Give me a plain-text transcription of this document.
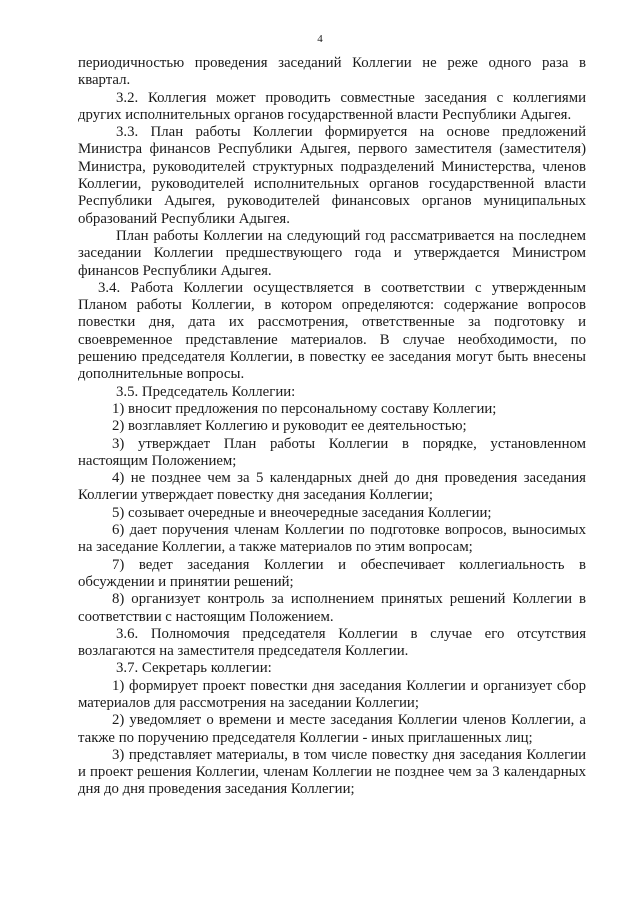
4

периодичностью проведения заседаний Коллегии не реже одного раза в квартал.

3.2. Коллегия может проводить совместные заседания с коллегиями других исполнительных органов государственной власти Республики Адыгея.

3.3. План работы Коллегии формируется на основе предложений Министра финансов Республики Адыгея, первого заместителя (заместителя) Министра, руководителей структурных подразделений Министерства, членов Коллегии, руководителей исполнительных органов государственной власти Республики Адыгея, руководителей финансовых органов муниципальных образований Республики Адыгея.

План работы Коллегии на следующий год рассматривается на последнем заседании Коллегии предшествующего года и утверждается Министром финансов Республики Адыгея.

3.4. Работа Коллегии осуществляется в соответствии с утвержденным Планом работы Коллегии, в котором определяются: содержание вопросов повестки дня, дата их рассмотрения, ответственные за подготовку и своевременное представление материалов. В случае необходимости, по решению председателя Коллегии, в повестку ее заседания могут быть внесены дополнительные вопросы.

3.5. Председатель Коллегии:

1) вносит предложения по персональному составу Коллегии;

2) возглавляет Коллегию и руководит ее деятельностью;

3) утверждает План работы Коллегии в порядке, установленном настоящим Положением;

4) не позднее чем за 5 календарных дней до дня проведения заседания Коллегии утверждает повестку дня заседания Коллегии;

5) созывает очередные и внеочередные заседания Коллегии;

6) дает поручения членам Коллегии по подготовке вопросов, выносимых на заседание Коллегии, а также материалов по этим вопросам;

7) ведет заседания Коллегии и обеспечивает коллегиальность в обсуждении и принятии решений;

8) организует контроль за исполнением принятых решений Коллегии в соответствии с настоящим Положением.

3.6. Полномочия председателя Коллегии в случае его отсутствия возлагаются на заместителя председателя Коллегии.

3.7. Секретарь коллегии:

1) формирует проект повестки дня заседания Коллегии и организует сбор материалов для рассмотрения на заседании Коллегии;

2) уведомляет о времени и месте заседания Коллегии членов Коллегии, а также по поручению председателя Коллегии - иных приглашенных лиц;

3) представляет материалы, в том числе повестку дня заседания Коллегии и проект решения Коллегии, членам Коллегии не позднее чем за 3 календарных дня до дня проведения заседания Коллегии;
